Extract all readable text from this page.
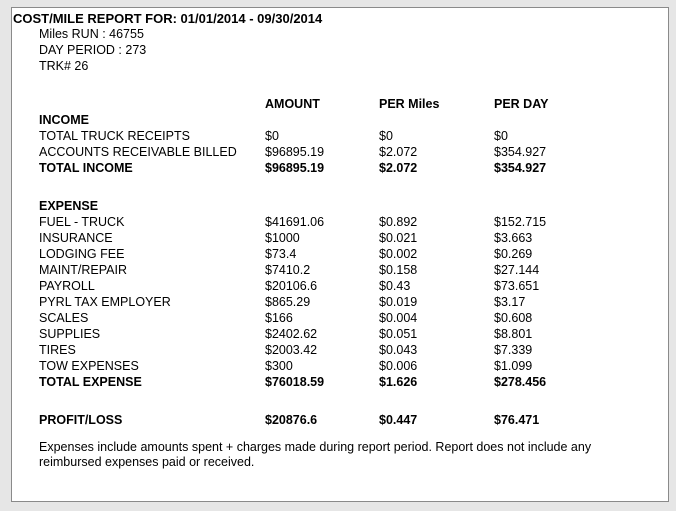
COST/MILE REPORT FOR: 01/01/2014 - 09/30/2014
Miles RUN : 46755
DAY PERIOD : 273
TRK# 26
AMOUNT	PER Miles	PER DAY
INCOME
TOTAL TRUCK RECEIPTS	$0	$0	$0
ACCOUNTS RECEIVABLE BILLED $96895.19	$2.072	$354.927
TOTAL INCOME	$96895.19	$2.072	$354.927
EXPENSE
FUEL - TRUCK	$41691.06	$0.892	$152.715
INSURANCE	$1000	$0.021	$3.663
LODGING FEE	$73.4	$0.002	$0.269
MAINT/REPAIR	$7410.2	$0.158	$27.144
PAYROLL	$20106.6	$0.43	$73.651
PYRL TAX EMPLOYER	$865.29	$0.019	$3.17
SCALES	$166	$0.004	$0.608
SUPPLIES	$2402.62	$0.051	$8.801
TIRES	$2003.42	$0.043	$7.339
TOW EXPENSES	$300	$0.006	$1.099
TOTAL EXPENSE	$76018.59	$1.626	$278.456
PROFIT/LOSS	$20876.6	$0.447	$76.471
Expenses include amounts spent + charges made during report period. Report does not include any reimbursed expenses paid or received.
